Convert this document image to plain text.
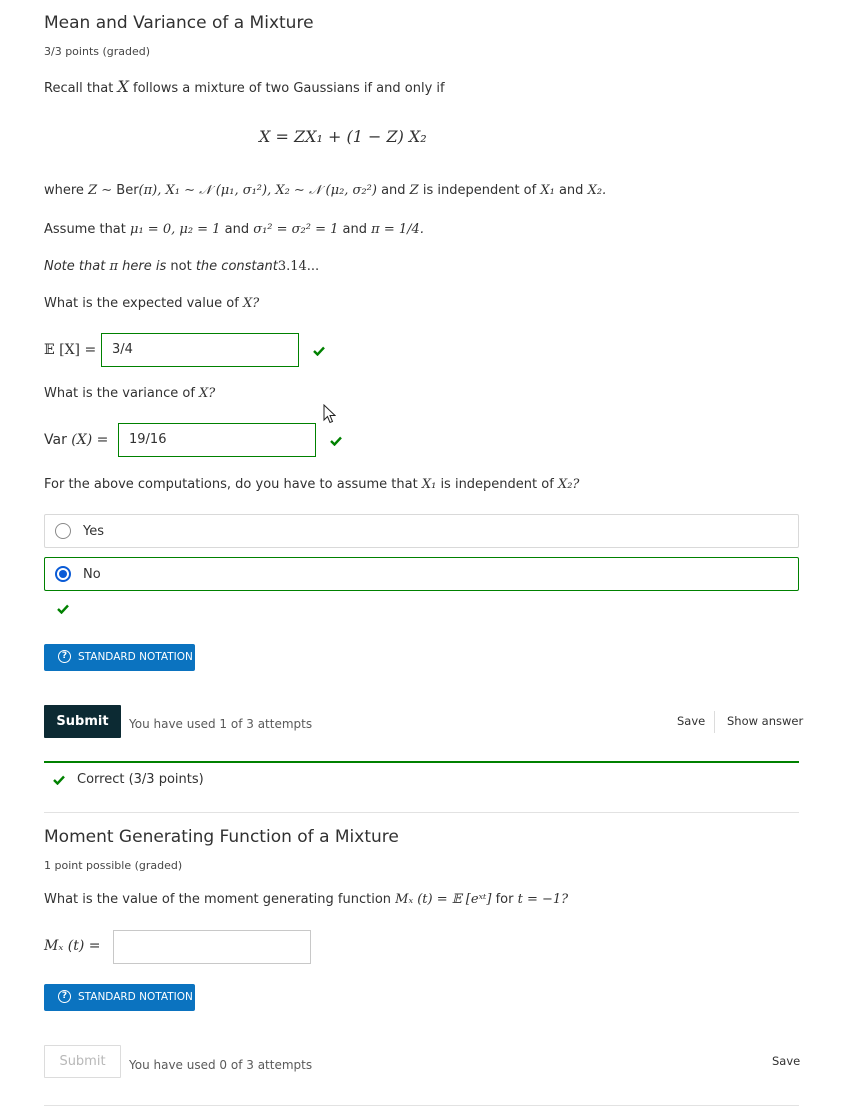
Mean and Variance of a Mixture
3/3 points (graded)
Recall that X follows a mixture of two Gaussians if and only if
X = ZX₁ + (1 − Z) X₂
where Z ∼ Ber(π), X₁ ∼ 𝒩 (μ₁, σ₁²), X₂ ∼ 𝒩 (μ₂, σ₂²) and Z is independent of X₁ and X₂.
Assume that μ₁ = 0, μ₂ = 1 and σ₁² = σ₂² = 1 and π = 1/4.
Note that π here is not the constant3.14...
What is the expected value of X?
𝔼 [X] =	3/4
What is the variance of X?
Var (X) =	19/16
For the above computations, do you have to assume that X₁ is independent of X₂?
Yes
No
?	STANDARD NOTATION
Submit	You have used 1 of 3 attempts	Save Show answer
Correct (3/3 points)
Moment Generating Function of a Mixture
1 point possible (graded)
What is the value of the moment generating function Mₓ (t) = 𝔼 [eˣᵗ] for t = −1?
Mₓ (t) =
?	STANDARD NOTATION
Submit	You have used 0 of 3 attempts	Save
